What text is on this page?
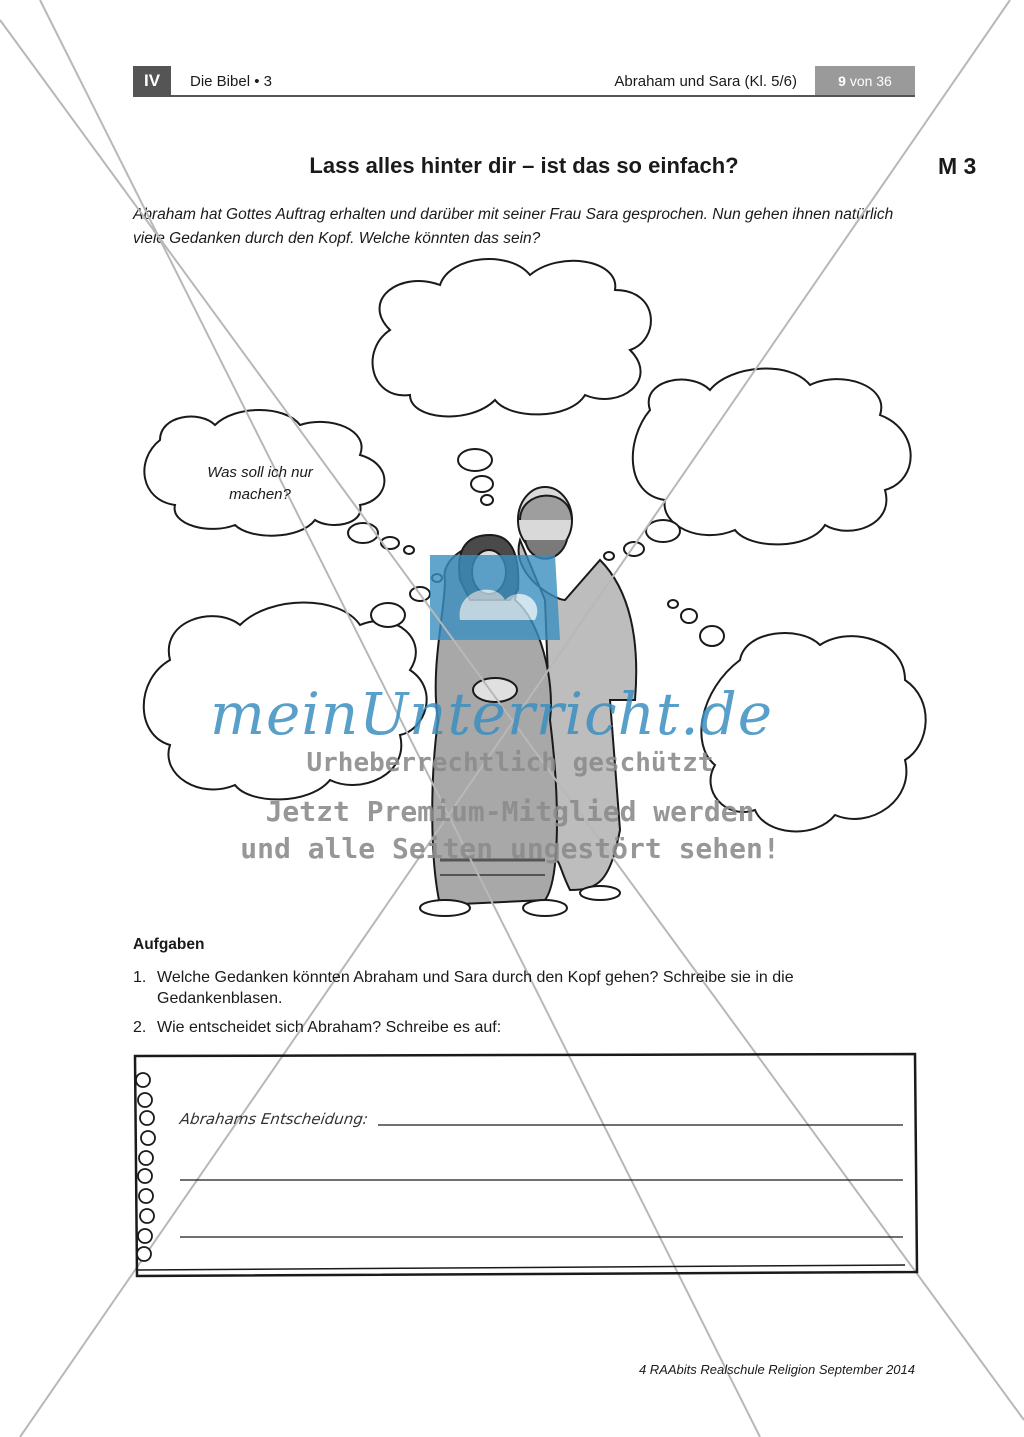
IV	Die Bibel • 3	Abraham und Sara (Kl. 5/6)	9 von 36
Lass alles hinter dir – ist das so einfach?	M 3
Abraham hat Gottes Auftrag erhalten und darüber mit seiner Frau Sara gesprochen. Nun gehen ihnen natürlich viele Gedanken durch den Kopf. Welche könnten das sein?
Was soll ich nur
machen?
meinUnterricht.de
Urheberrechtlich geschützt
Jetzt Premium-Mitglied werden
und alle Seiten ungestört sehen!
Aufgaben
1. Welche Gedanken könnten Abraham und Sara durch den Kopf gehen? Schreibe sie in die Gedankenblasen.
2. Wie entscheidet sich Abraham? Schreibe es auf:
Abrahams Entscheidung:
4 RAAbits Realschule Religion September 2014
